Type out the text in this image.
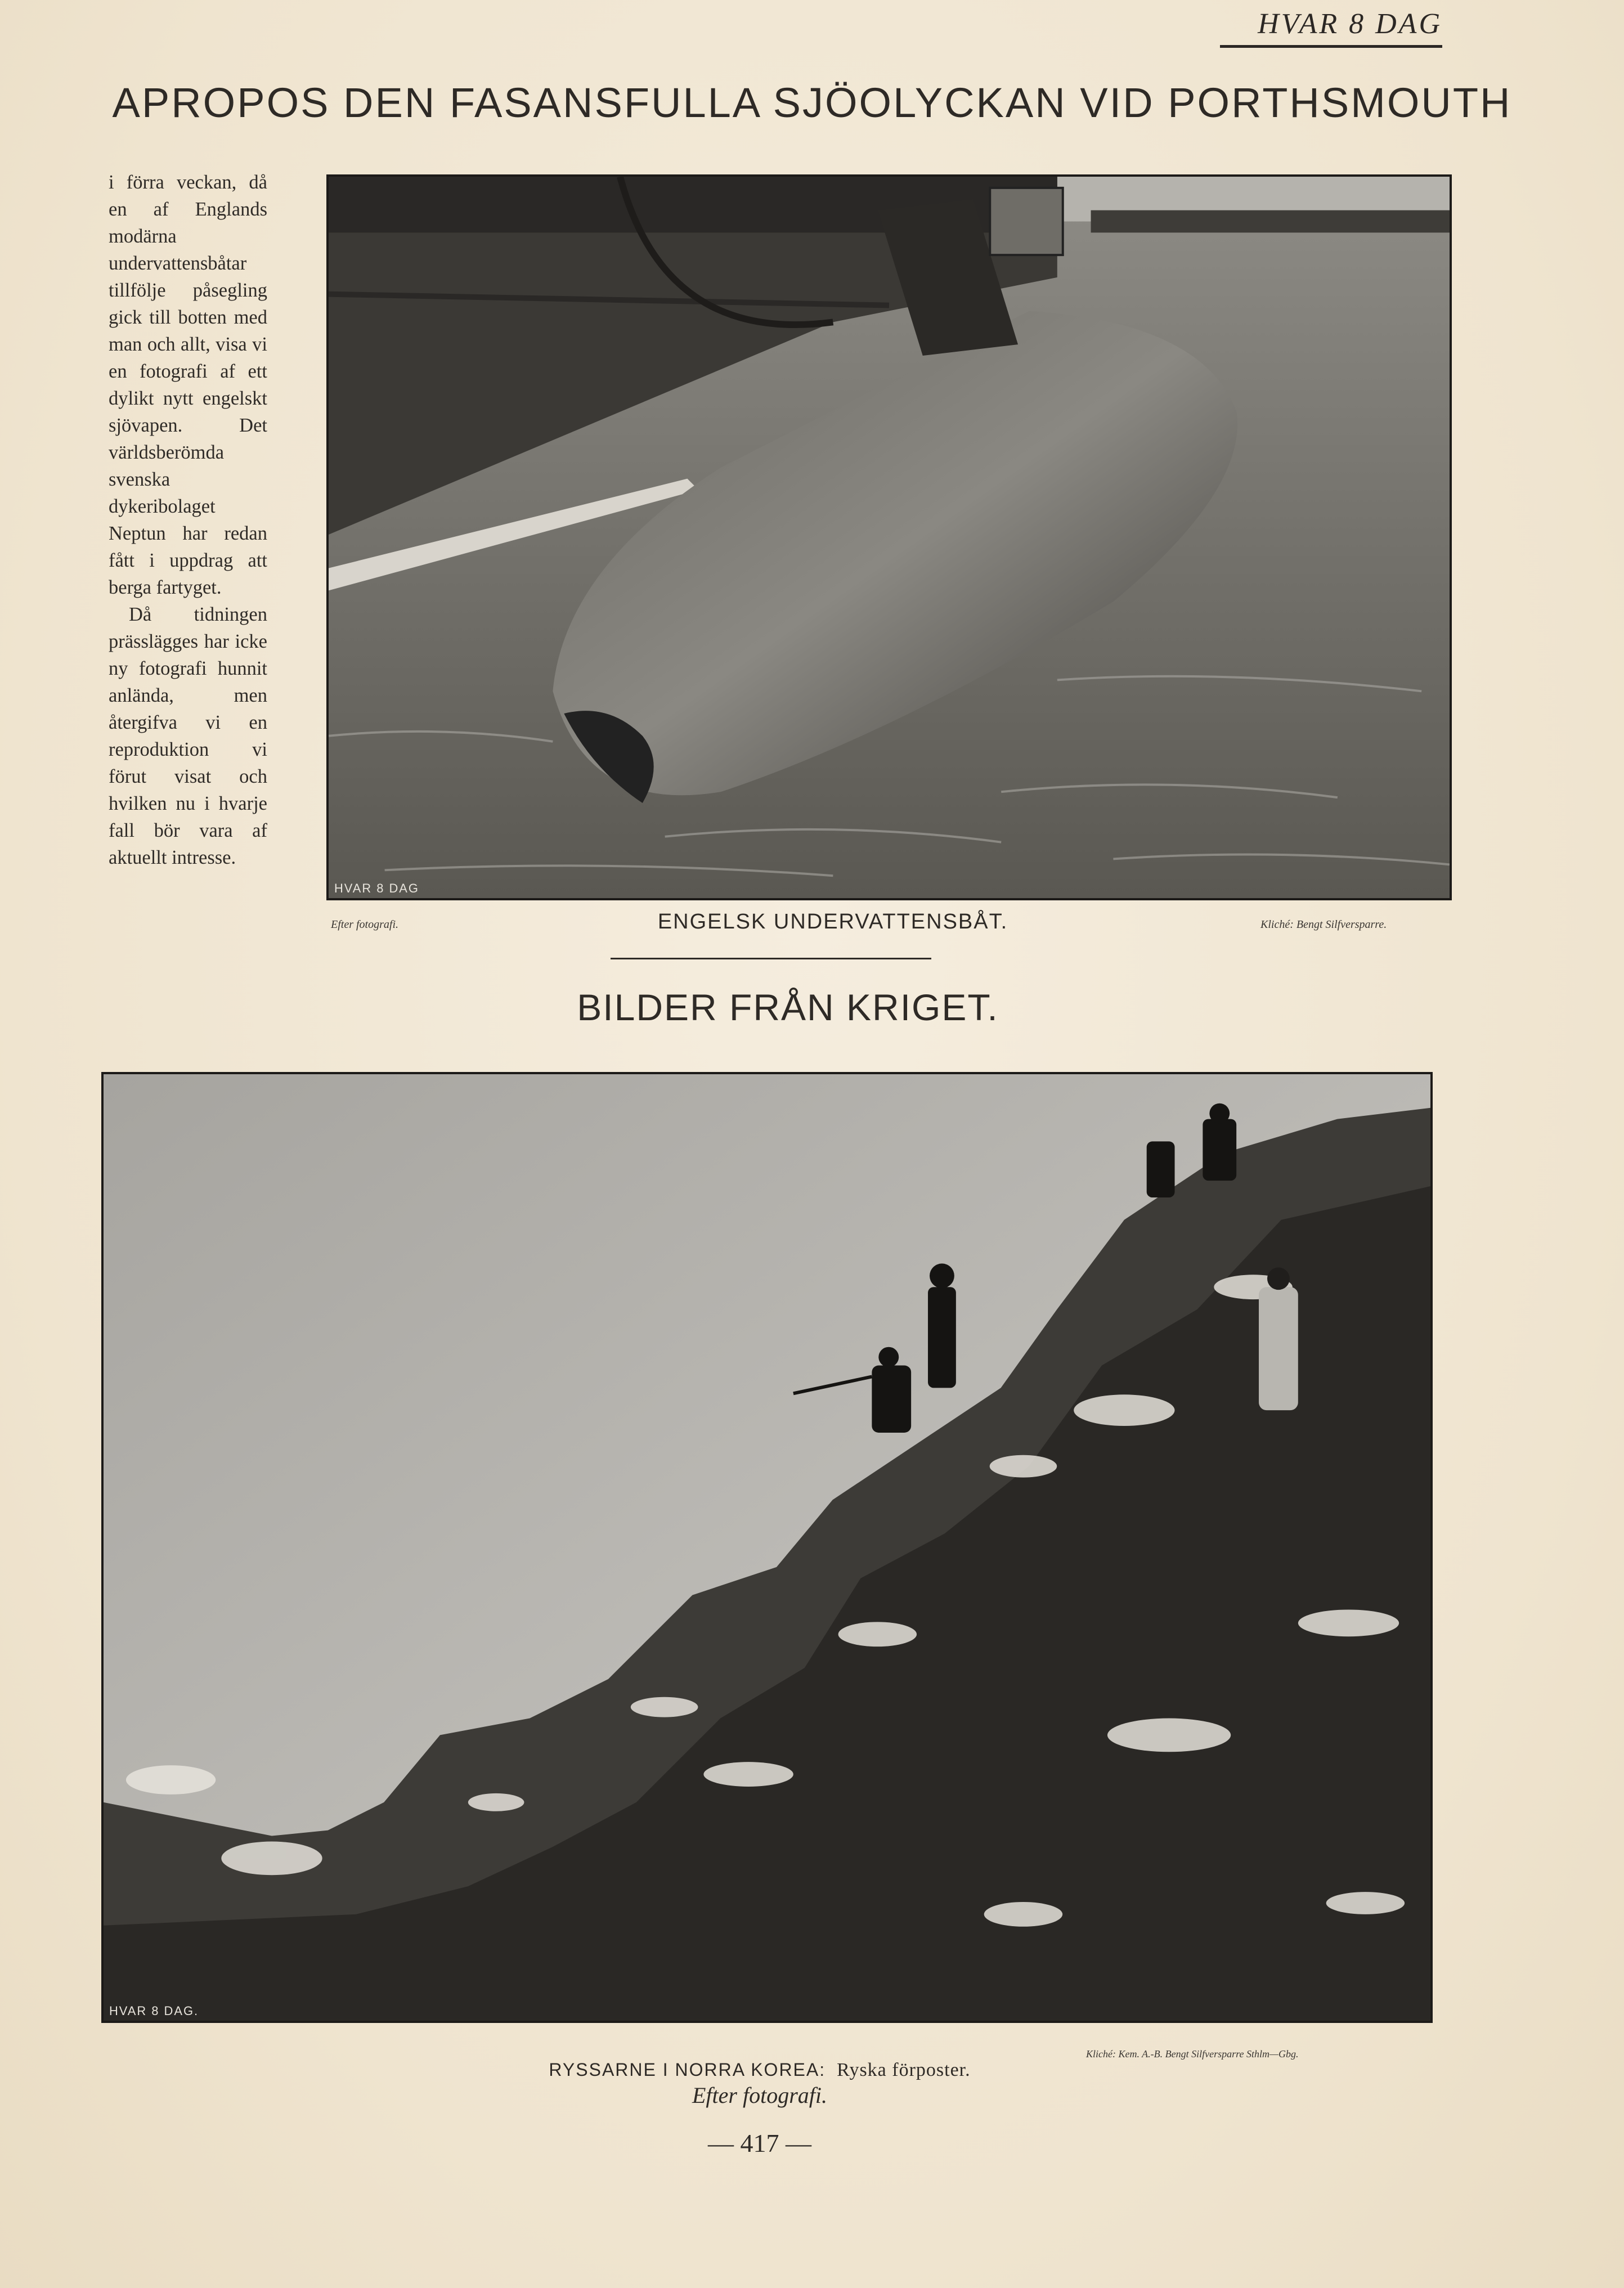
HVAR 8 DAG
APROPOS DEN FASANSFULLA SJÖOLYCKAN VID PORTHSMOUTH

i förra veckan, då en af Englands modärna undervattensbåtar tillfölje påsegling gick till botten med man och allt, visa vi en fotografi af ett dylikt nytt engelskt sjövapen. Det världsberömda svenska dykeribolaget Neptun har redan fått i uppdrag att berga fartyget.

Då tidningen prässlägges har icke ny fotografi hunnit anlända, men återgifva vi en reproduktion vi förut visat och hvilken nu i hvarje fall bör vara af aktuellt intresse.

HVAR 8 DAG
Efter fotografi.	ENGELSK UNDERVATTENSBÅT.	Kliché: Bengt Silfversparre.
BILDER FRÅN KRIGET.
HVAR 8 DAG.
Kliché: Kem. A.-B. Bengt Silfversparre Sthlm—Gbg.
RYSSARNE I NORRA KOREA: Ryska förposter.
Efter fotografi.
— 417 —
